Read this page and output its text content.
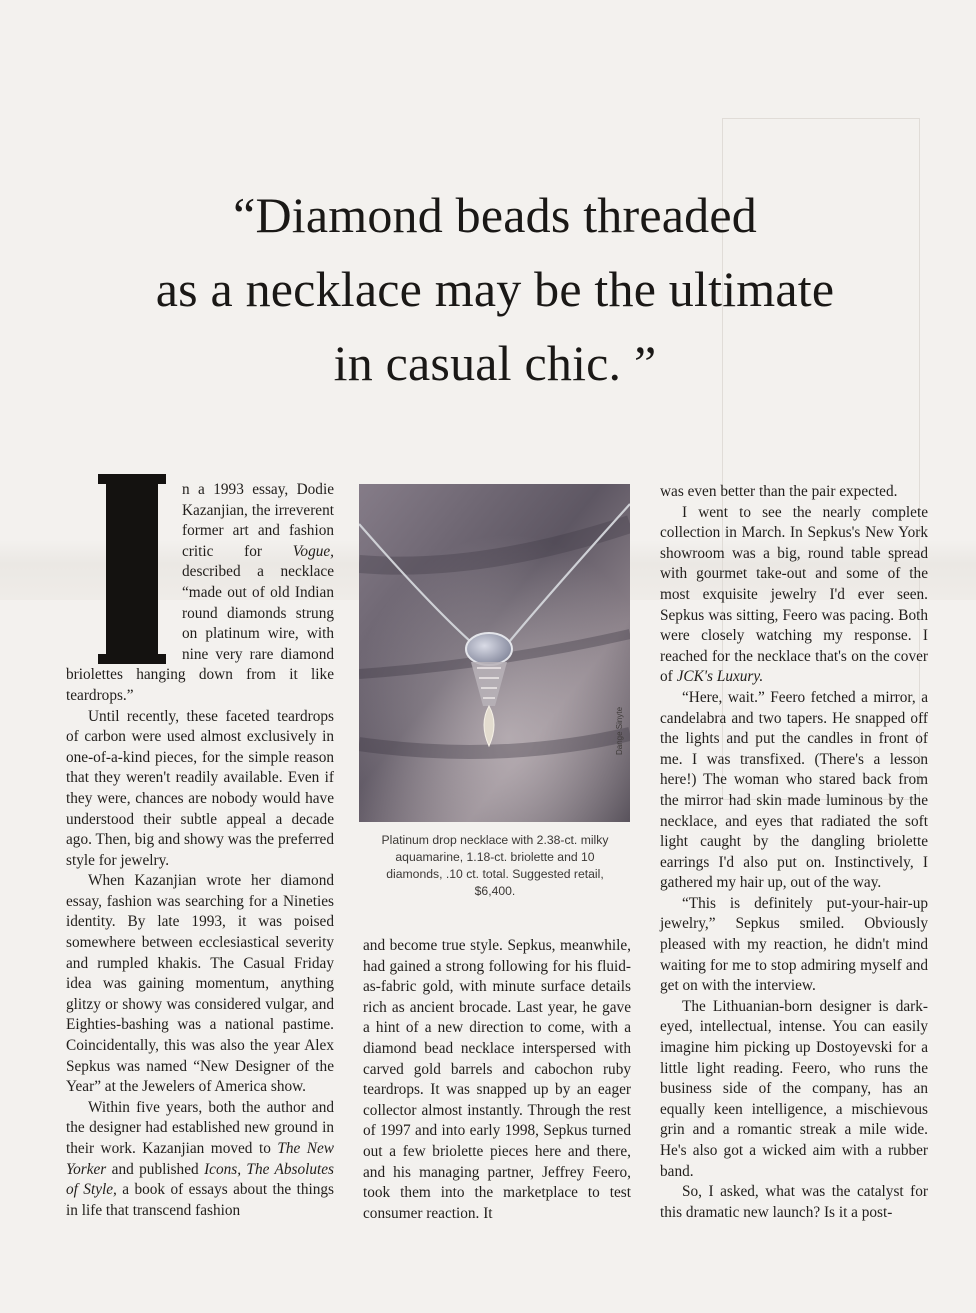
“Diamond beads threaded
as a necklace may be the ultimate
in casual chic. ”

n a 1993 essay, Dodie Kazanjian, the irreverent former art and fashion critic for Vogue, described a necklace “made out of old Indian round diamonds strung on platinum wire, with nine very rare diamond briolettes hanging down from it like teardrops.”

Until recently, these faceted teardrops of carbon were used almost exclusively in one-of-a-kind pieces, for the simple reason that they weren't readily available. Even if they were, chances are nobody would have understood their subtle appeal a decade ago. Then, big and showy was the preferred style for jewelry.

When Kazanjian wrote her diamond essay, fashion was searching for a Nineties identity. By late 1993, it was poised somewhere between ecclesiastical severity and rumpled khakis. The Casual Friday idea was gaining momentum, anything glitzy or showy was considered vulgar, and Eighties-bashing was a national pastime. Coincidentally, this was also the year Alex Sepkus was named “New Designer of the Year” at the Jewelers of America show.

Within five years, both the author and the designer had established new ground in their work. Kazanjian moved to The New Yorker and published Icons, The Absolutes of Style, a book of essays about the things in life that transcend fashion

Dange Sinyte
Platinum drop necklace with 2.38-ct. milky aquamarine, 1.18-ct. briolette and 10 diamonds, .10 ct. total. Suggested retail, $6,400.

and become true style. Sepkus, meanwhile, had gained a strong following for his fluid-as-fabric gold, with minute surface details rich as ancient brocade. Last year, he gave a hint of a new direction to come, with a diamond bead necklace interspersed with carved gold barrels and cabochon ruby teardrops. It was snapped up by an eager collector almost instantly. Through the rest of 1997 and into early 1998, Sepkus turned out a few briolette pieces here and there, and his managing partner, Jeffrey Feero, took them into the marketplace to test consumer reaction. It

was even better than the pair expected.

I went to see the nearly complete collection in March. In Sepkus's New York showroom was a big, round table spread with gourmet take-out and some of the most exquisite jewelry I'd ever seen. Sepkus was sitting, Feero was pacing. Both were closely watching my response. I reached for the necklace that's on the cover of JCK's Luxury.

“Here, wait.” Feero fetched a mirror, a candelabra and two tapers. He snapped off the lights and put the candles in front of me. I was transfixed. (There's a lesson here!) The woman who stared back from the mirror had skin made luminous by the necklace, and eyes that radiated the soft light caught by the dangling briolette earrings I'd also put on. Instinctively, I gathered my hair up, out of the way.

“This is definitely put-your-hair-up jewelry,” Sepkus smiled. Obviously pleased with my reaction, he didn't mind waiting for me to stop admiring myself and get on with the interview.

The Lithuanian-born designer is dark-eyed, intellectual, intense. You can easily imagine him picking up Dostoyevski for a little light reading. Feero, who runs the business side of the company, has an equally keen intelligence, a mischievous grin and a romantic streak a mile wide. He's also got a wicked aim with a rubber band.

So, I asked, what was the catalyst for this dramatic new launch? Is it a post-
